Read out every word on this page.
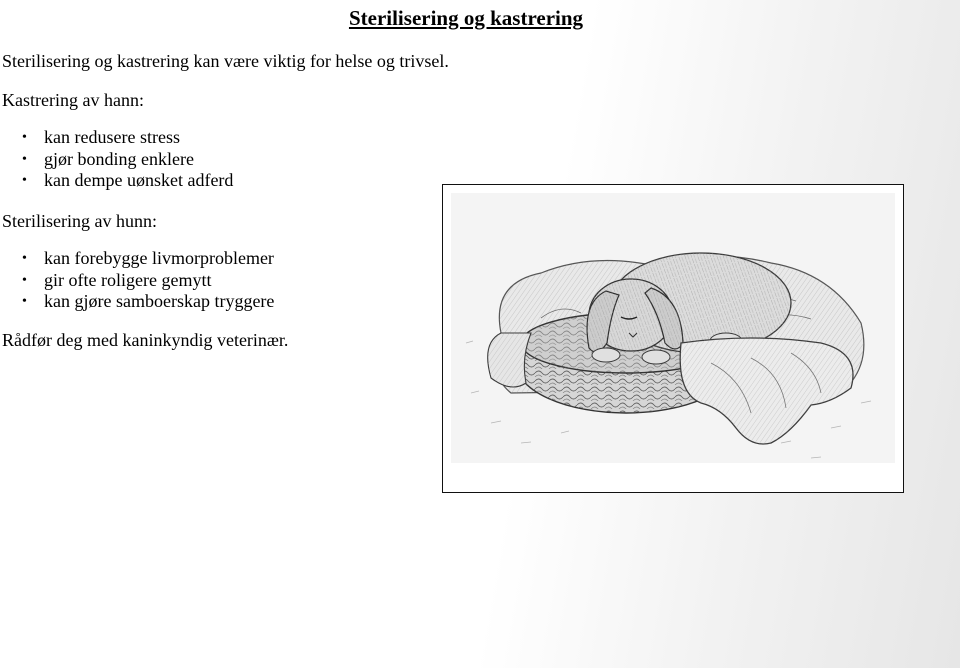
Sterilisering og kastrering

Sterilisering og kastrering kan være viktig for helse og trivsel.

Kastrering av hann:

• kan redusere stress
• gjør bonding enklere
• kan dempe uønsket adferd

Sterilisering av hunn:

• kan forebygge livmorproblemer
• gir ofte roligere gemytt
• kan gjøre samboerskap tryggere

Rådfør deg med kaninkyndig veterinær.
